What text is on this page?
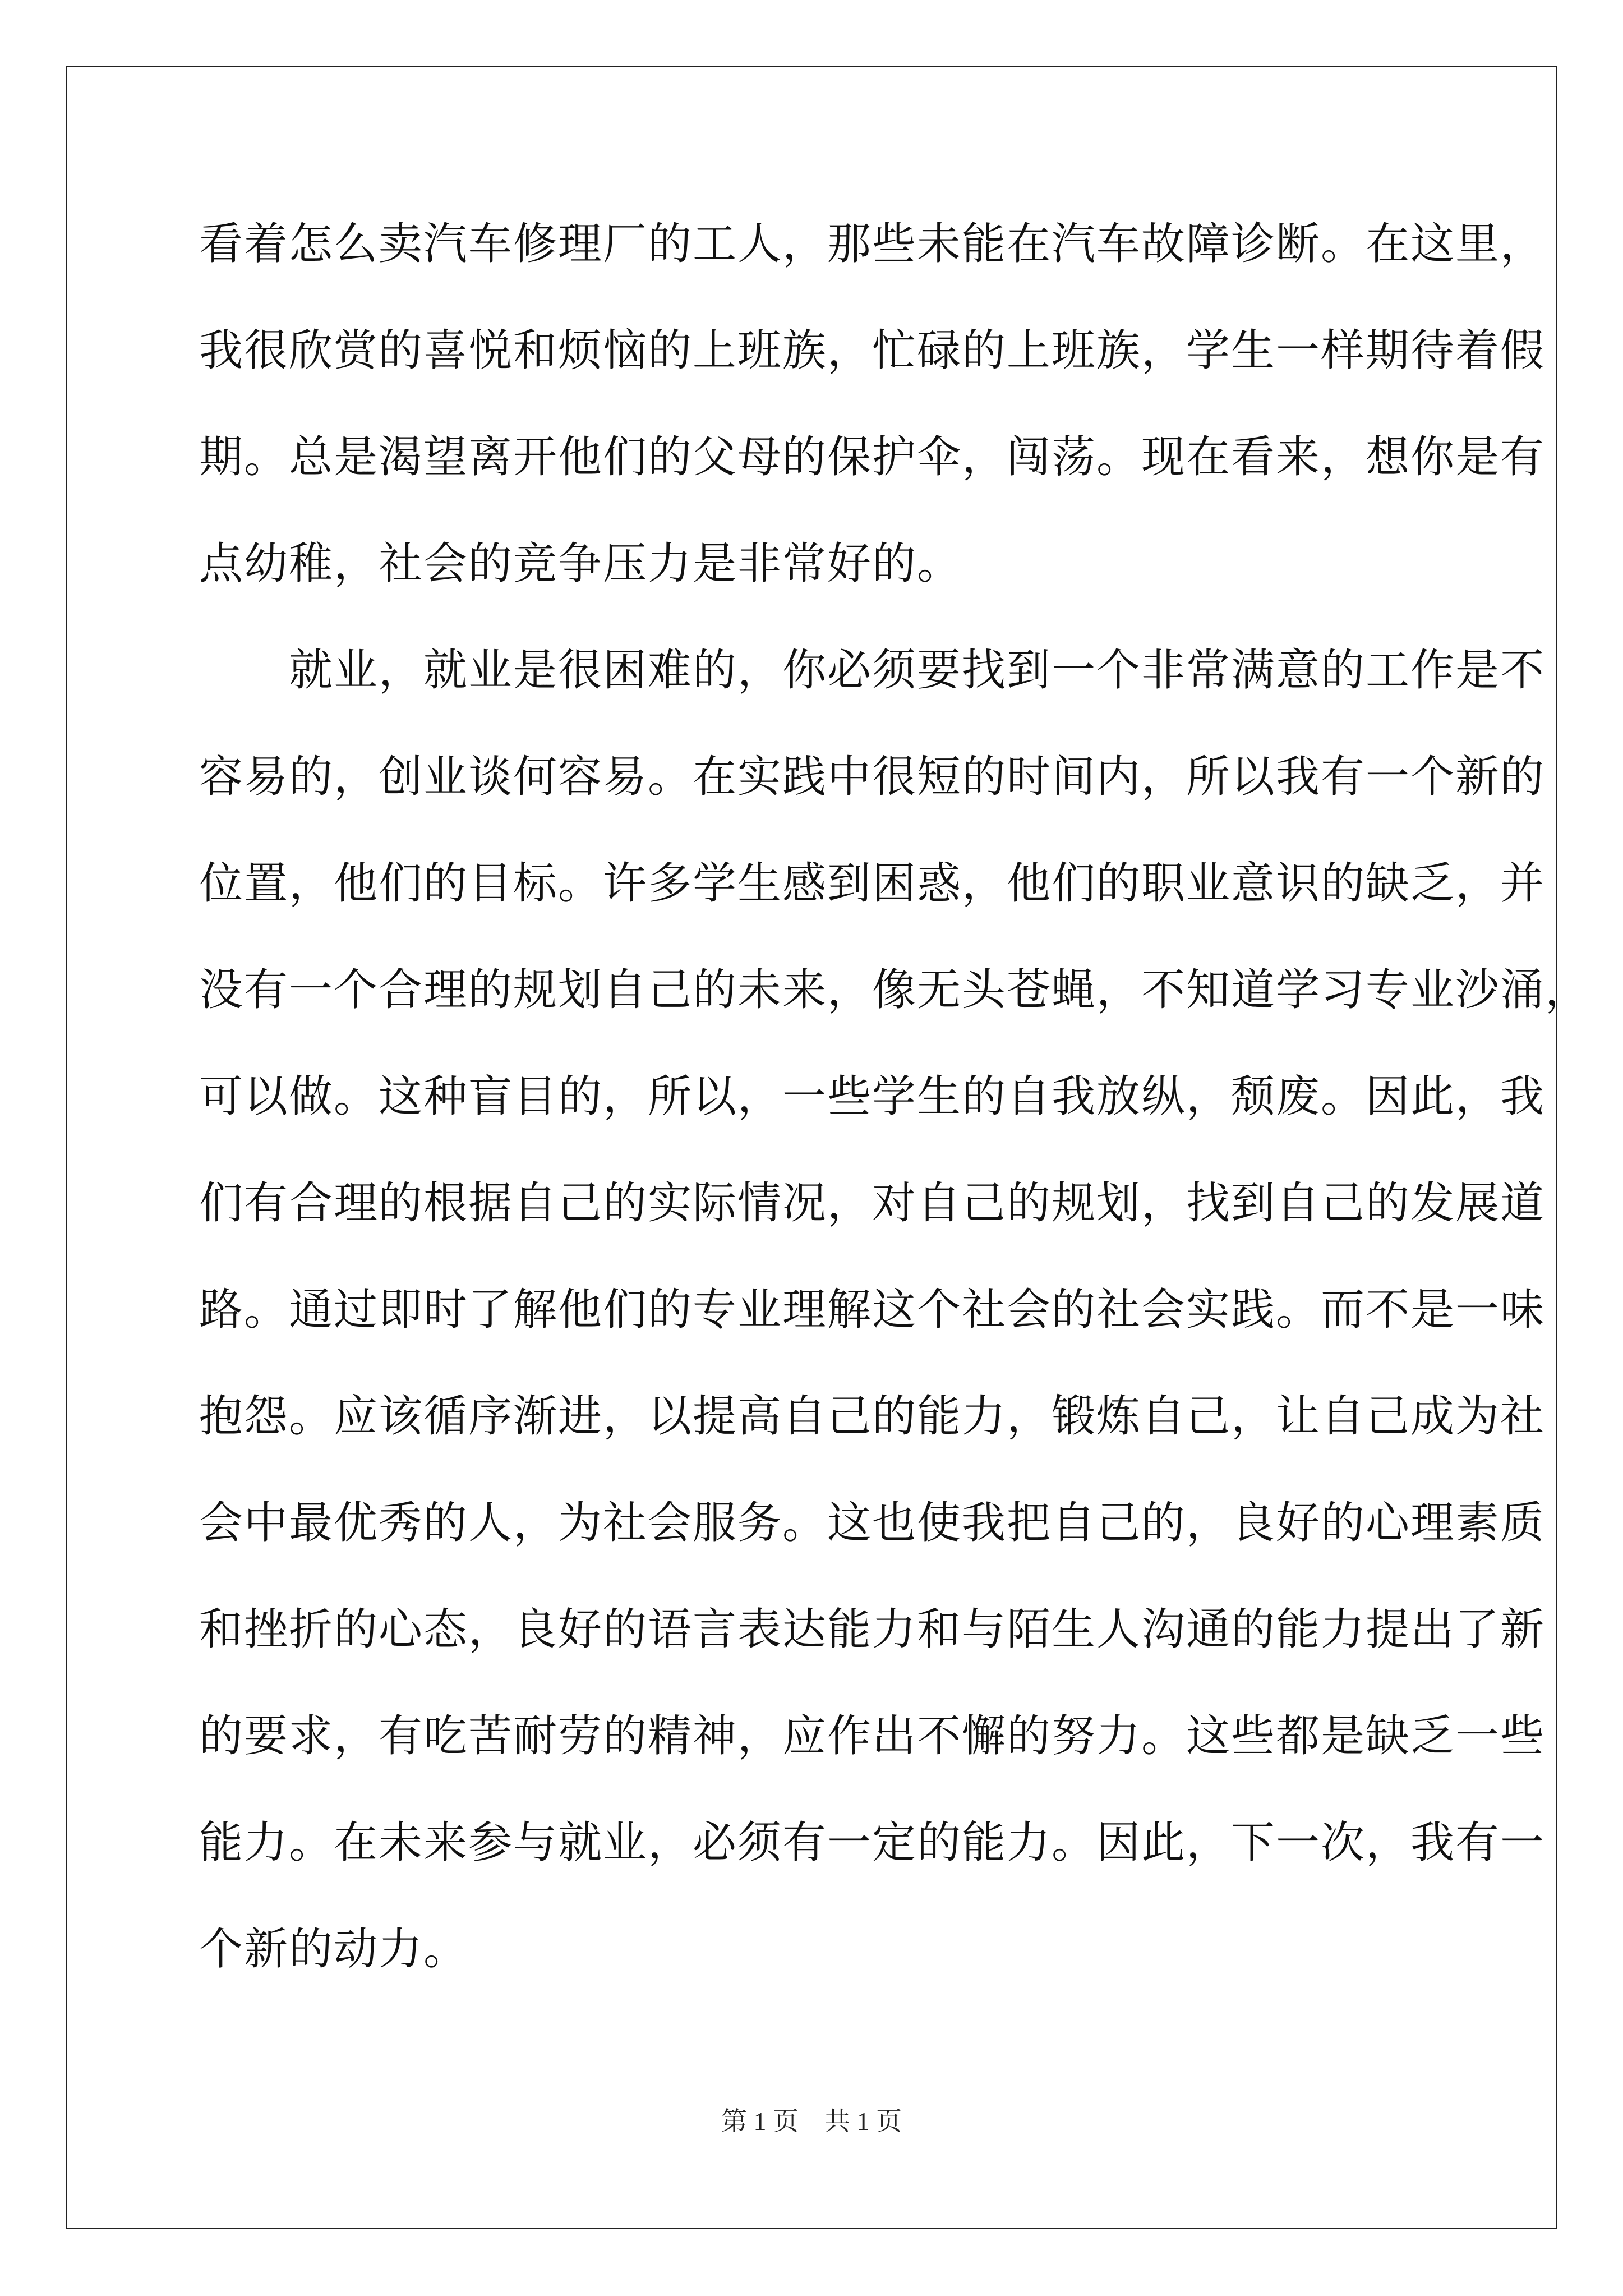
看着怎么卖汽车修理厂的工人，那些未能在汽车故障诊断。在这里，
我很欣赏的喜悦和烦恼的上班族，忙碌的上班族，学生一样期待着假
期。总是渴望离开他们的父母的保护伞，闯荡。现在看来，想你是有
点幼稚，社会的竞争压力是非常好的。
　　就业，就业是很困难的，你必须要找到一个非常满意的工作是不
容易的，创业谈何容易。在实践中很短的时间内，所以我有一个新的
位置，他们的目标。许多学生感到困惑，他们的职业意识的缺乏，并
没有一个合理的规划自己的未来，像无头苍蝇，不知道学习专业沙涌，
可以做。这种盲目的，所以，一些学生的自我放纵，颓废。因此，我
们有合理的根据自己的实际情况，对自己的规划，找到自己的发展道
路。通过即时了解他们的专业理解这个社会的社会实践。而不是一味
抱怨。应该循序渐进，以提高自己的能力，锻炼自己，让自己成为社
会中最优秀的人，为社会服务。这也使我把自己的，良好的心理素质
和挫折的心态，良好的语言表达能力和与陌生人沟通的能力提出了新
的要求，有吃苦耐劳的精神，应作出不懈的努力。这些都是缺乏一些
能力。在未来参与就业，必须有一定的能力。因此，下一次，我有一
个新的动力。
第 1 页　共 1 页
